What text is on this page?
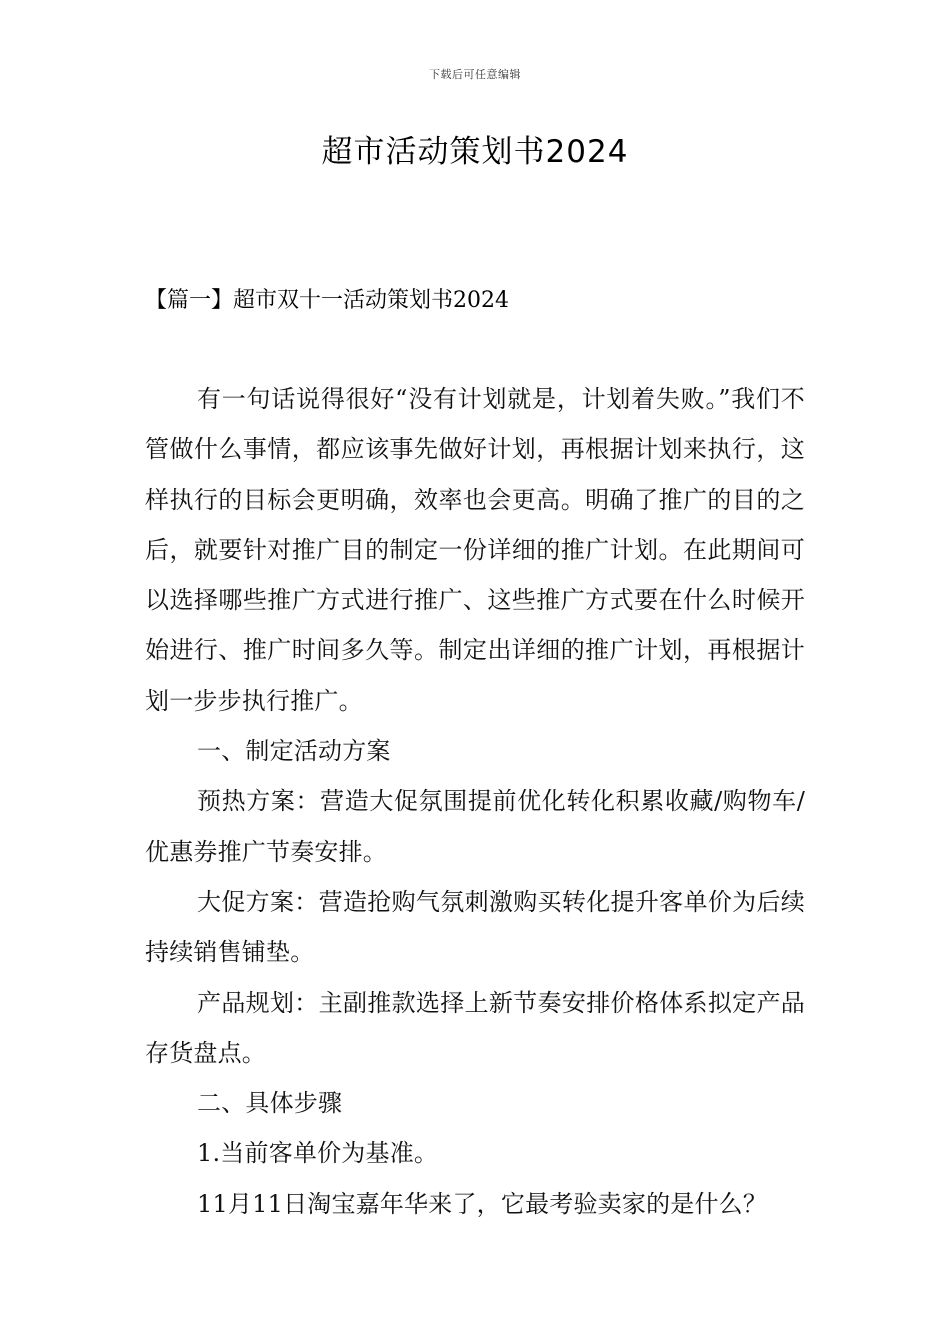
下载后可任意编辑
超市活动策划书2024
【篇一】超市双十一活动策划书2024

有一句话说得很好“没有计划就是，计划着失败。”我们不管做什么事情，都应该事先做好计划，再根据计划来执行，这样执行的目标会更明确，效率也会更高。明确了推广的目的之后，就要针对推广目的制定一份详细的推广计划。在此期间可以选择哪些推广方式进行推广、这些推广方式要在什么时候开始进行、推广时间多久等。制定出详细的推广计划，再根据计划一步步执行推广。

一、制定活动方案

预热方案：营造大促氛围提前优化转化积累收藏/购物车/优惠券推广节奏安排。

大促方案：营造抢购气氛刺激购买转化提升客单价为后续持续销售铺垫。

产品规划：主副推款选择上新节奏安排价格体系拟定产品存货盘点。

二、具体步骤

1.当前客单价为基准。

11月11日淘宝嘉年华来了，它最考验卖家的是什么？
